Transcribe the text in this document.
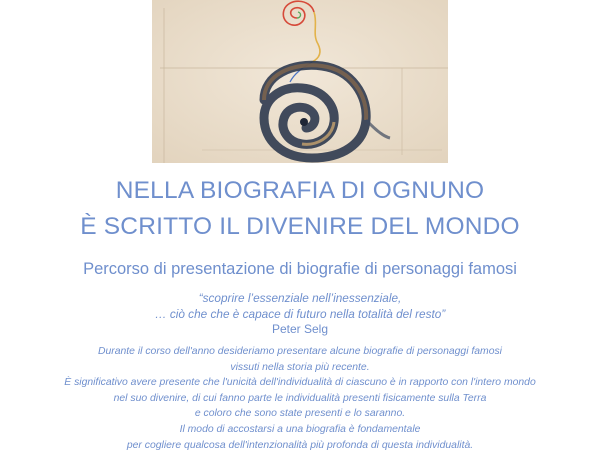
NELLA BIOGRAFIA DI OGNUNO

È SCRITTO IL DIVENIRE DEL MONDO

Percorso di presentazione di biografie di personaggi famosi

“scoprire l’essenziale nell’inessenziale,

… ciò che che è capace di futuro nella totalità del resto”

Peter Selg

Durante il corso dell'anno desideriamo presentare alcune biografie di personaggi famosi
vissuti nella storia più recente.
È significativo avere presente che l'unicità dell'individualità di ciascuno è in rapporto con l'intero mondo
nel suo divenire, di cui fanno parte le individualità presenti fisicamente sulla Terra
e coloro che sono state presenti e lo saranno.
Il modo di accostarsi a una biografia è fondamentale
per cogliere qualcosa dell'intenzionalità più profonda di questa individualità.
